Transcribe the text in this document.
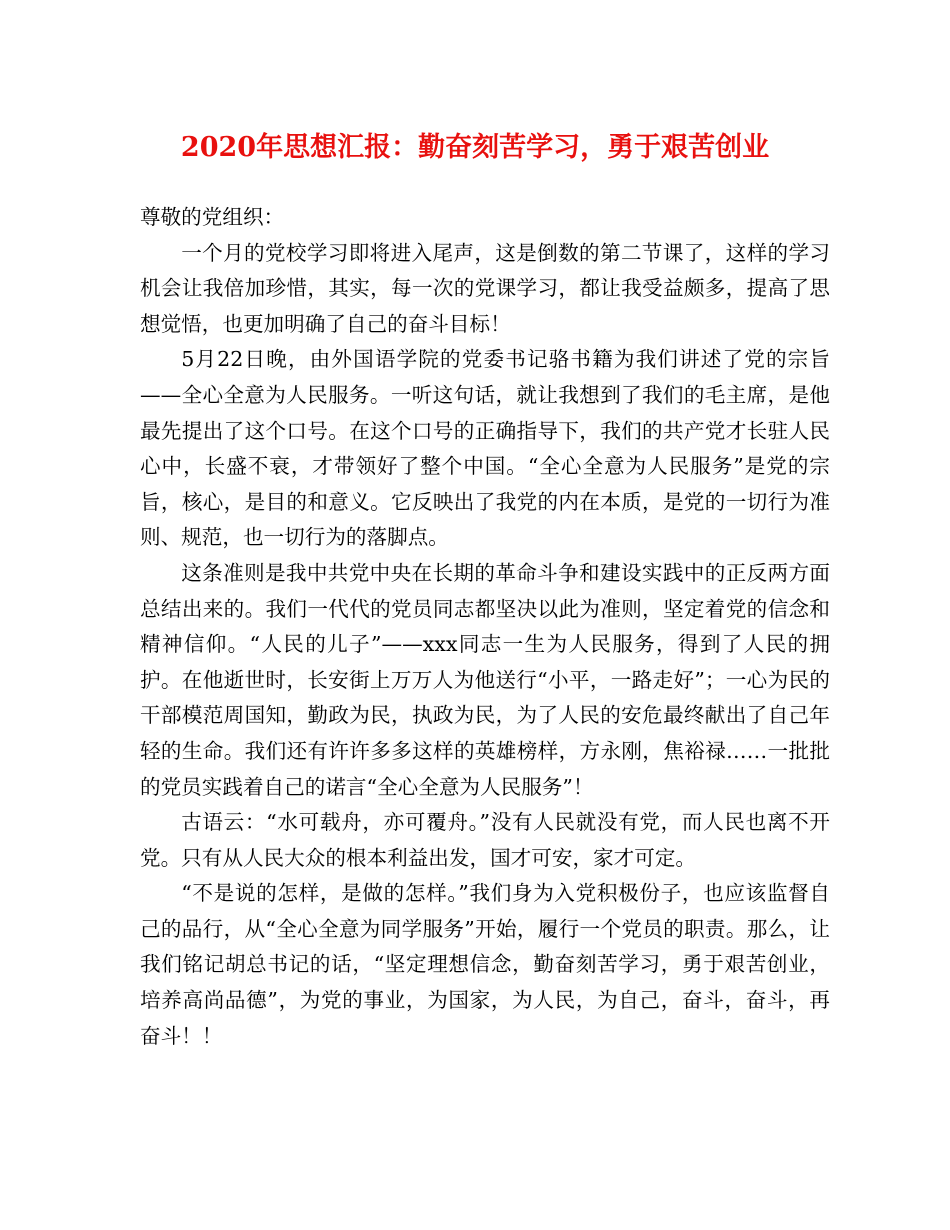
2020年思想汇报：勤奋刻苦学习，勇于艰苦创业

尊敬的党组织：

一个月的党校学习即将进入尾声，这是倒数的第二节课了，这样的学习机会让我倍加珍惜，其实，每一次的党课学习，都让我受益颇多，提高了思想觉悟，也更加明确了自己的奋斗目标！

5月22日晚，由外国语学院的党委书记骆书籍为我们讲述了党的宗旨——全心全意为人民服务。一听这句话，就让我想到了我们的毛主席，是他最先提出了这个口号。在这个口号的正确指导下，我们的共产党才长驻人民心中，长盛不衰，才带领好了整个中国。“全心全意为人民服务”是党的宗旨，核心，是目的和意义。它反映出了我党的内在本质，是党的一切行为准则、规范，也一切行为的落脚点。

这条准则是我中共党中央在长期的革命斗争和建设实践中的正反两方面总结出来的。我们一代代的党员同志都坚决以此为准则，坚定着党的信念和精神信仰。“人民的儿子”——xxx同志一生为人民服务，得到了人民的拥护。在他逝世时，长安街上万万人为他送行“小平，一路走好”；一心为民的干部模范周国知，勤政为民，执政为民，为了人民的安危最终献出了自己年轻的生命。我们还有许许多多这样的英雄榜样，方永刚，焦裕禄……一批批的党员实践着自己的诺言“全心全意为人民服务”！

古语云：“水可载舟，亦可覆舟。”没有人民就没有党，而人民也离不开党。只有从人民大众的根本利益出发，国才可安，家才可定。

“不是说的怎样，是做的怎样。”我们身为入党积极份子，也应该监督自己的品行，从“全心全意为同学服务”开始，履行一个党员的职责。那么，让我们铭记胡总书记的话，“坚定理想信念，勤奋刻苦学习，勇于艰苦创业，培养高尚品德”，为党的事业，为国家，为人民，为自己，奋斗，奋斗，再奋斗！！
